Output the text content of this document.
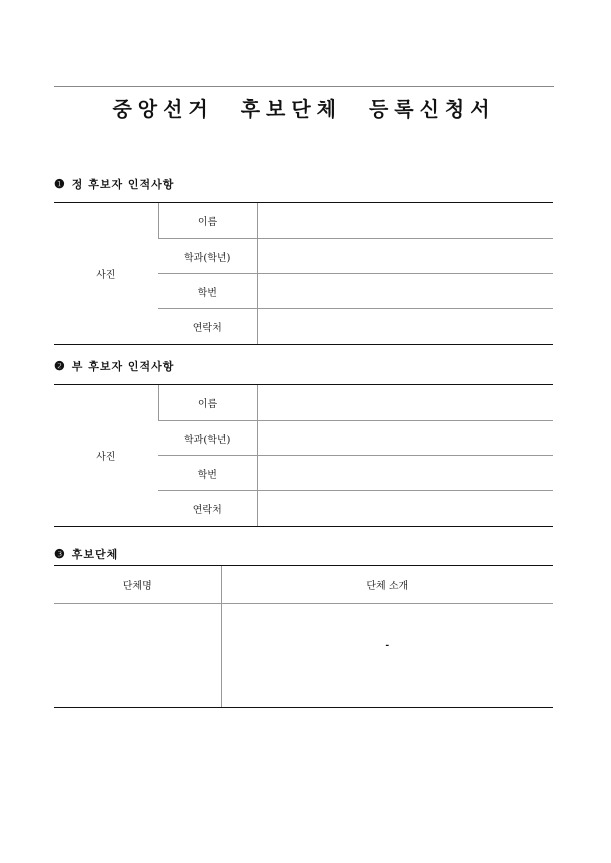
중앙선거 후보단체 등록신청서
❶ 정 후보자 인적사항
사진	이름	
	학과(학년)	
	학번	
	연락처	
❷ 부 후보자 인적사항
사진	이름	
	학과(학년)	
	학번	
	연락처	
❸ 후보단체
단체명	단체 소개
	-
